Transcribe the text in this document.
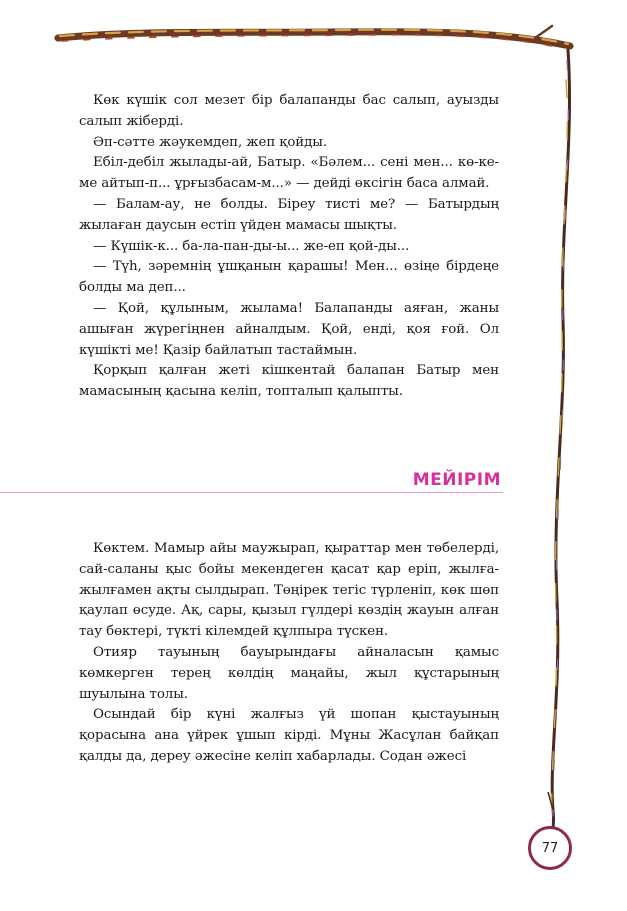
Көк күшік сол мезет бір балапанды бас салып, ауызды салып жіберді.

Әп-сәтте жәукемдеп, жеп қойды.

Ебіл-дебіл жылады-ай, Батыр. «Бәлем... сені мен... кө-ке-ме айтып-п... ұрғызбасам-м...» — дейді өксігін баса алмай.

— Балам-ау, не болды. Біреу тисті ме? — Батырдың жылаған даусын естіп үйден мамасы шықты.

— Күшік-к... ба-ла-пан-ды-ы... же-еп қой-ды...

— Түһ, зәремнің ұшқанын қарашы! Мен... өзіңе бірдеңе болды ма деп...

— Қой, құлыным, жылама! Балапанды аяған, жаны ашыған жүрегіңнен айналдым. Қой, енді, қоя ғой. Ол күшікті ме! Қазір байлатып тастаймын.

Қорқып қалған жеті кішкентай балапан Батыр мен мамасының қасына келіп, топталып қалыпты.

МЕЙІРІМ

Көктем. Мамыр айы маужырап, қыраттар мен төбелерді, сай-саланы қыс бойы мекендеген қасат қар еріп, жылға-жылғамен ақты сылдырап. Төңірек тегіс түрленіп, көк шөп қаулап өсуде. Ақ, сары, қызыл гүлдері көздің жауын алған тау бөктері, түкті кілемдей құлпыра түскен.

Отияр тауының бауырындағы айналасын қамыс көмкерген терең көлдің маңайы, жыл құстарының шуылына толы.

Осындай бір күні жалғыз үй шопан қыстауының қорасына ана үйрек ұшып кірді. Мұны Жасұлан байқап қалды да, дереу әжесіне келіп хабарлады. Содан әжесі

77
